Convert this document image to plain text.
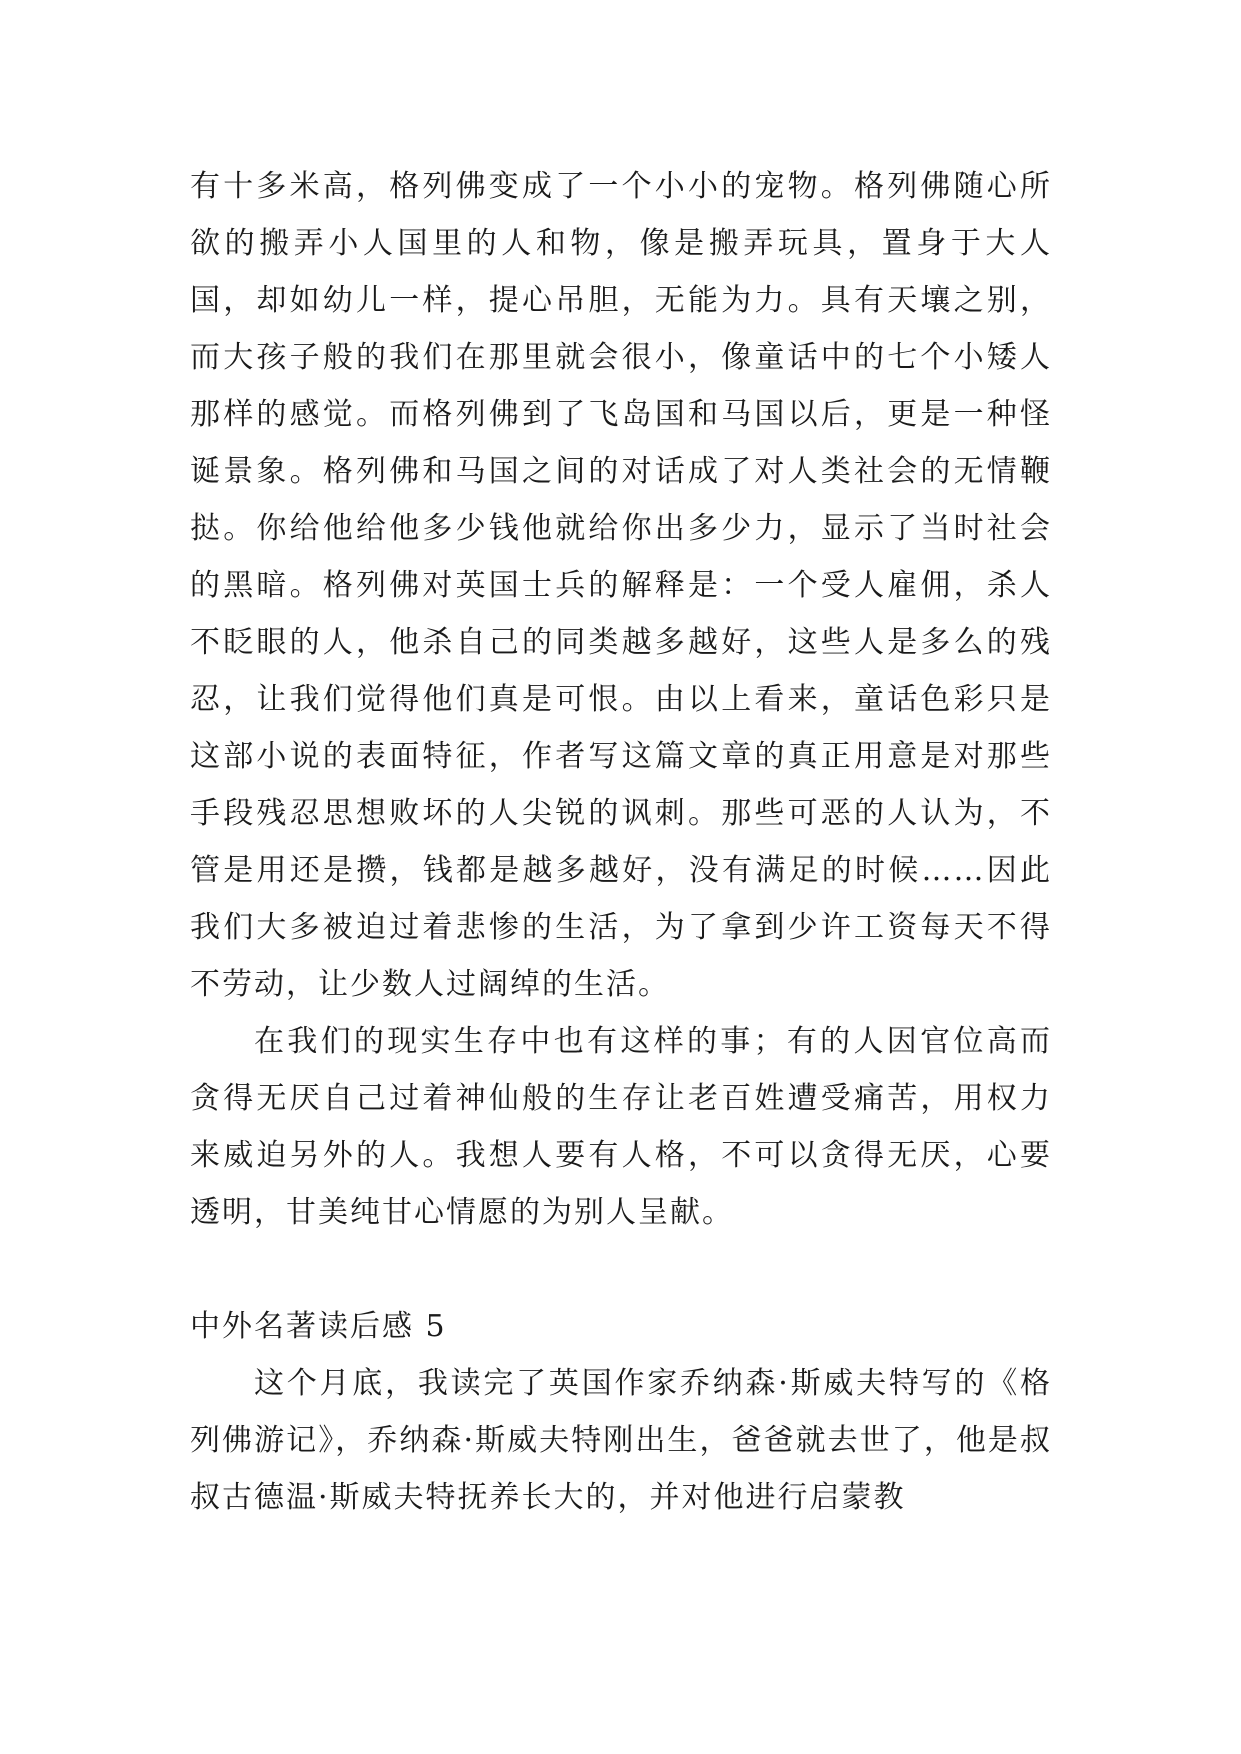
有十多米高，格列佛变成了一个小小的宠物。格列佛随心所欲的搬弄小人国里的人和物，像是搬弄玩具，置身于大人国，却如幼儿一样，提心吊胆，无能为力。具有天壤之别，而大孩子般的我们在那里就会很小，像童话中的七个小矮人那样的感觉。而格列佛到了飞岛国和马国以后，更是一种怪诞景象。格列佛和马国之间的对话成了对人类社会的无情鞭挞。你给他给他多少钱他就给你出多少力，显示了当时社会的黑暗。格列佛对英国士兵的解释是：一个受人雇佣，杀人不眨眼的人，他杀自己的同类越多越好，这些人是多么的残忍，让我们觉得他们真是可恨。由以上看来，童话色彩只是这部小说的表面特征，作者写这篇文章的真正用意是对那些手段残忍思想败坏的人尖锐的讽刺。那些可恶的人认为，不管是用还是攒，钱都是越多越好，没有满足的时候……因此我们大多被迫过着悲惨的生活，为了拿到少许工资每天不得不劳动，让少数人过阔绰的生活。

在我们的现实生存中也有这样的事；有的人因官位高而贪得无厌自己过着神仙般的生存让老百姓遭受痛苦，用权力来威迫另外的人。我想人要有人格，不可以贪得无厌，心要透明，甘美纯甘心情愿的为别人呈献。

中外名著读后感 5

这个月底，我读完了英国作家乔纳森·斯威夫特写的《格列佛游记》，乔纳森·斯威夫特刚出生，爸爸就去世了，他是叔叔古德温·斯威夫特抚养长大的，并对他进行启蒙教
